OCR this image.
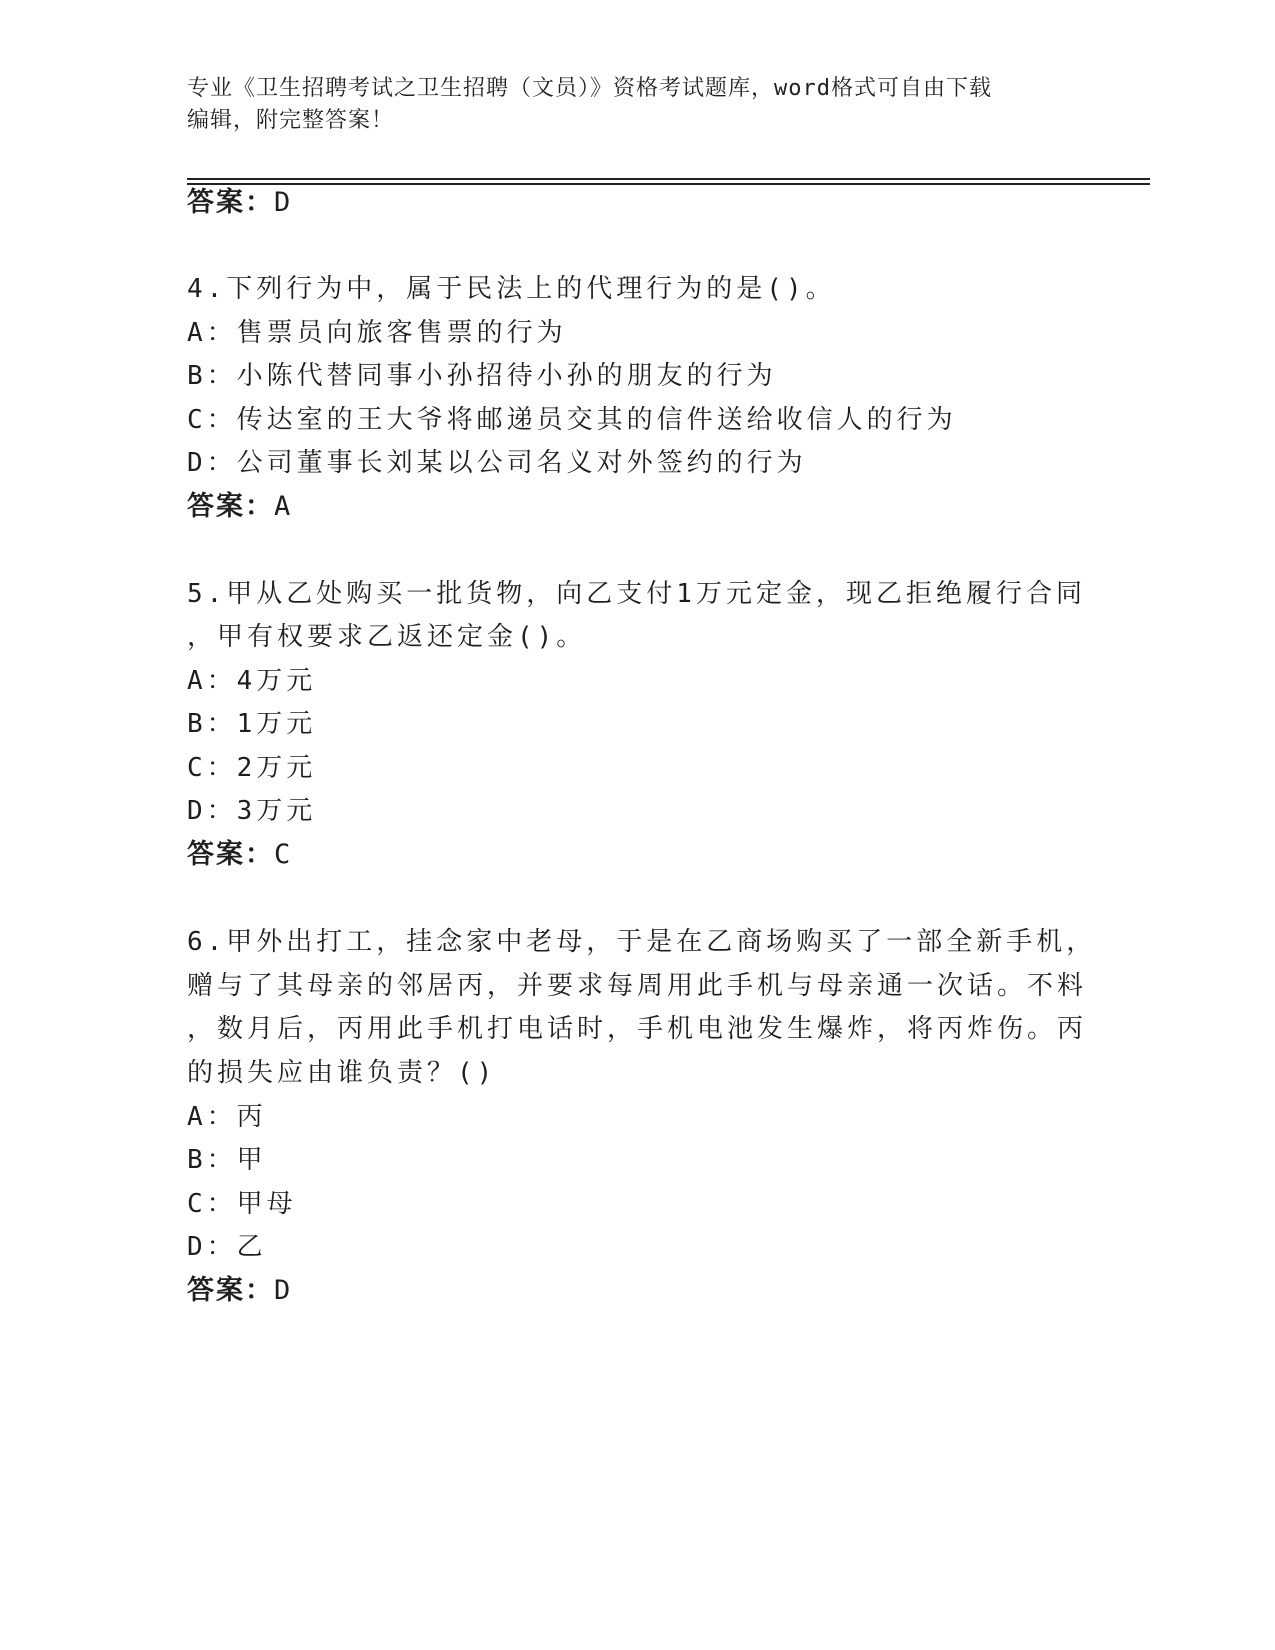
专业《卫生招聘考试之卫生招聘（文员）》资格考试题库，word格式可自由下载
编辑，附完整答案！
答案：D
4.下列行为中，属于民法上的代理行为的是()。
A：售票员向旅客售票的行为
B：小陈代替同事小孙招待小孙的朋友的行为
C：传达室的王大爷将邮递员交其的信件送给收信人的行为
D：公司董事长刘某以公司名义对外签约的行为
答案：A
5.甲从乙处购买一批货物，向乙支付1万元定金，现乙拒绝履行合同
，甲有权要求乙返还定金()。
A：4万元
B：1万元
C：2万元
D：3万元
答案：C
6.甲外出打工，挂念家中老母，于是在乙商场购买了一部全新手机，
赠与了其母亲的邻居丙，并要求每周用此手机与母亲通一次话。不料
，数月后，丙用此手机打电话时，手机电池发生爆炸，将丙炸伤。丙
的损失应由谁负责？()
A：丙
B：甲
C：甲母
D：乙
答案：D
